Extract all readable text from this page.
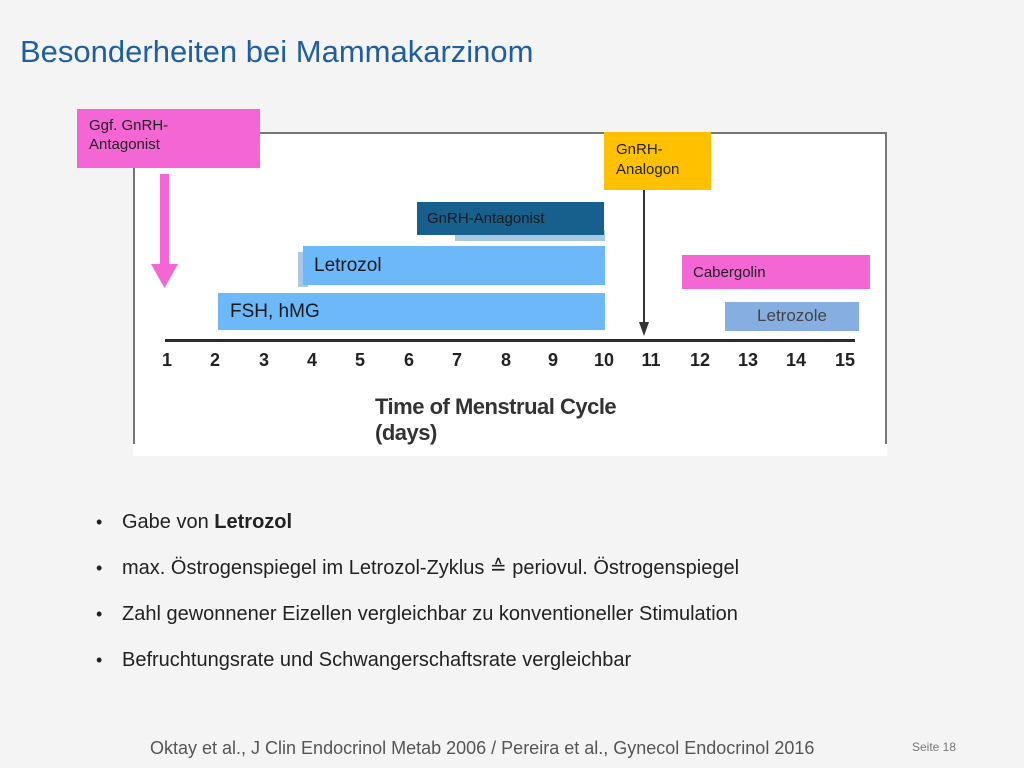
Besonderheiten bei Mammakarzinom
Ggf. GnRH-
Antagonist	GnRH-
Analogon
GnRH-Antagonist
Letrozol
FSH, hMG
Cabergolin
Letrozole
1	2	3	4	5	6	7	8	9	10 11 12 13 14 15
Time of Menstrual Cycle (days)
• Gabe von Letrozol
• max. Östrogenspiegel im Letrozol-Zyklus ≙ periovul. Östrogenspiegel
• Zahl gewonnener Eizellen vergleichbar zu konventioneller Stimulation
• Befruchtungsrate und Schwangerschaftsrate vergleichbar
Oktay et al., J Clin Endocrinol Metab 2006 / Pereira et al., Gynecol Endocrinol 2016	Seite 18
